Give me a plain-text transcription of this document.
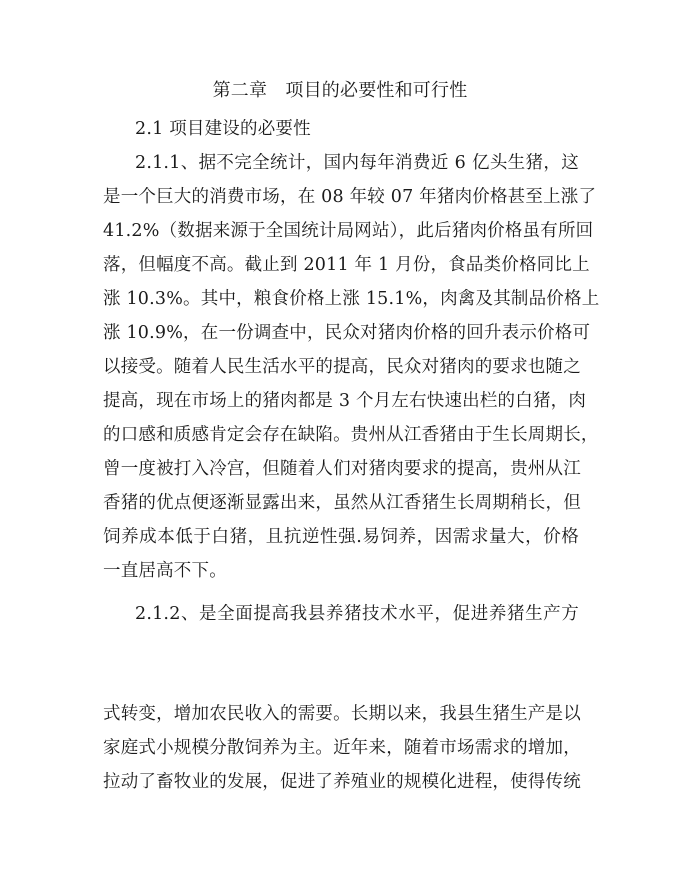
第二章　项目的必要性和可行性
2.1 项目建设的必要性
2.1.1、据不完全统计，国内每年消费近 6 亿头生猪，这
是一个巨大的消费市场，在 08 年较 07 年猪肉价格甚至上涨了
41.2%（数据来源于全国统计局网站），此后猪肉价格虽有所回
落，但幅度不高。截止到 2011 年 1 月份，食品类价格同比上
涨 10.3%。其中，粮食价格上涨 15.1%，肉禽及其制品价格上
涨 10.9%，在一份调查中，民众对猪肉价格的回升表示价格可
以接受。随着人民生活水平的提高，民众对猪肉的要求也随之
提高，现在市场上的猪肉都是 3 个月左右快速出栏的白猪，肉
的口感和质感肯定会存在缺陷。贵州从江香猪由于生长周期长，
曾一度被打入冷宫，但随着人们对猪肉要求的提高，贵州从江
香猪的优点便逐渐显露出来，虽然从江香猪生长周期稍长，但
饲养成本低于白猪，且抗逆性强.易饲养，因需求量大，价格
一直居高不下。
2.1.2、是全面提高我县养猪技术水平，促进养猪生产方
式转变，增加农民收入的需要。长期以来，我县生猪生产是以
家庭式小规模分散饲养为主。近年来，随着市场需求的增加，
拉动了畜牧业的发展，促进了养殖业的规模化进程，使得传统
